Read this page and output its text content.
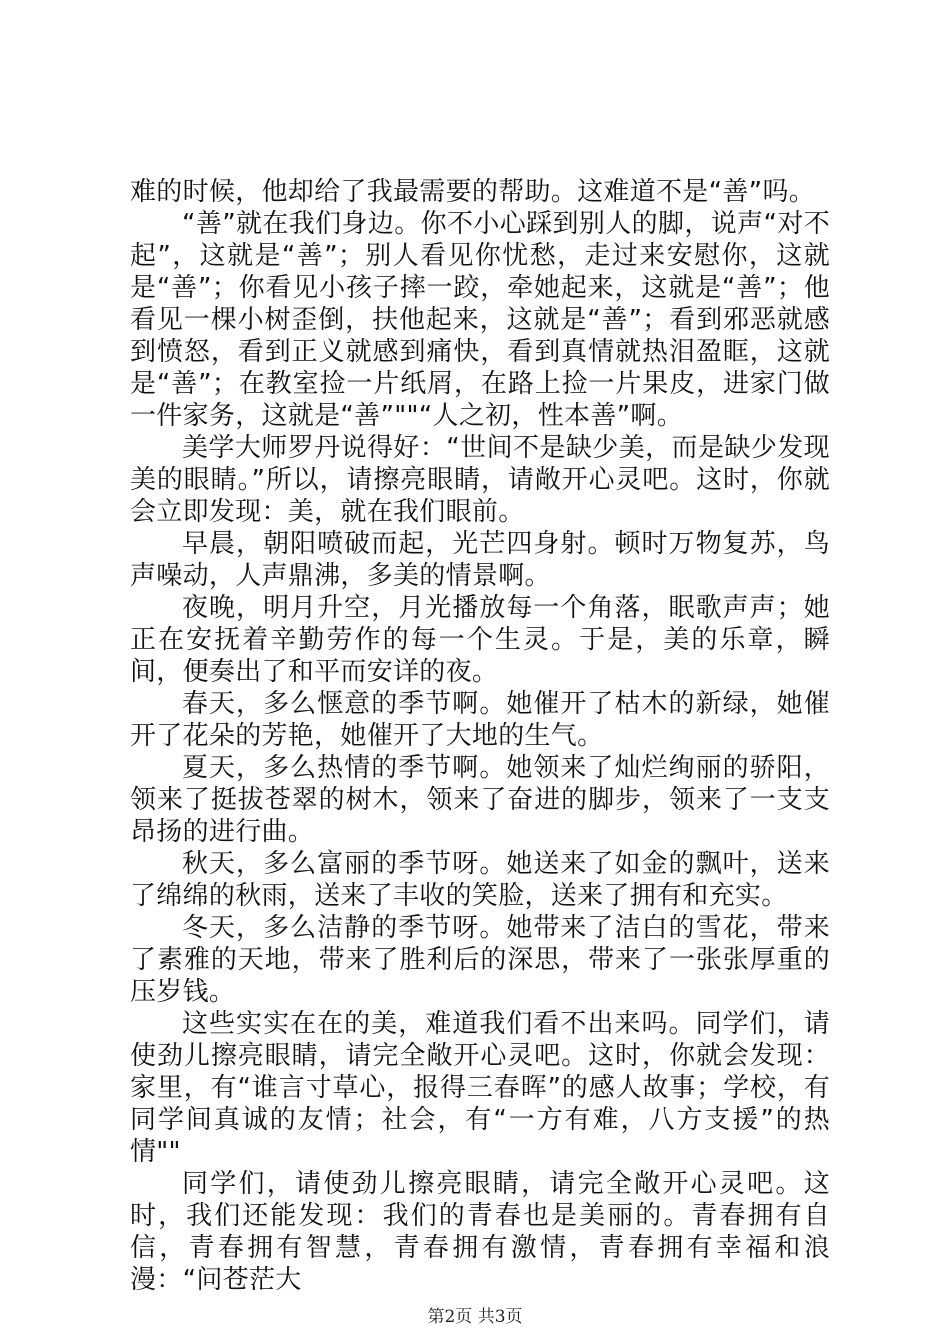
难的时候，他却给了我最需要的帮助。这难道不是“善”吗。

“善”就在我们身边。你不小心踩到别人的脚，说声“对不起”，这就是“善”；别人看见你忧愁，走过来安慰你，这就是“善”；你看见小孩子摔一跤，牵她起来，这就是“善”；他看见一棵小树歪倒，扶他起来，这就是“善”；看到邪恶就感到愤怒，看到正义就感到痛快，看到真情就热泪盈眶，这就是“善”；在教室捡一片纸屑，在路上捡一片果皮，进家门做一件家务，这就是“善”""“人之初，性本善”啊。

美学大师罗丹说得好：“世间不是缺少美，而是缺少发现美的眼睛。”所以，请擦亮眼睛，请敞开心灵吧。这时，你就会立即发现：美，就在我们眼前。

早晨，朝阳喷破而起，光芒四身射。顿时万物复苏，鸟声噪动，人声鼎沸，多美的情景啊。

夜晚，明月升空，月光播放每一个角落，眠歌声声；她正在安抚着辛勤劳作的每一个生灵。于是，美的乐章，瞬间，便奏出了和平而安详的夜。

春天，多么惬意的季节啊。她催开了枯木的新绿，她催开了花朵的芳艳，她催开了大地的生气。

夏天，多么热情的季节啊。她领来了灿烂绚丽的骄阳，领来了挺拔苍翠的树木，领来了奋进的脚步，领来了一支支昂扬的进行曲。

秋天，多么富丽的季节呀。她送来了如金的飘叶，送来了绵绵的秋雨，送来了丰收的笑脸，送来了拥有和充实。

冬天，多么洁静的季节呀。她带来了洁白的雪花，带来了素雅的天地，带来了胜利后的深思，带来了一张张厚重的压岁钱。

这些实实在在的美，难道我们看不出来吗。同学们，请使劲儿擦亮眼睛，请完全敞开心灵吧。这时，你就会发现：家里，有“谁言寸草心，报得三春晖”的感人故事；学校，有同学间真诚的友情；社会，有“一方有难，八方支援”的热情""

同学们，请使劲儿擦亮眼睛，请完全敞开心灵吧。这时，我们还能发现：我们的青春也是美丽的。青春拥有自信，青春拥有智慧，青春拥有激情，青春拥有幸福和浪漫：“问苍茫大

第2页 共3页
